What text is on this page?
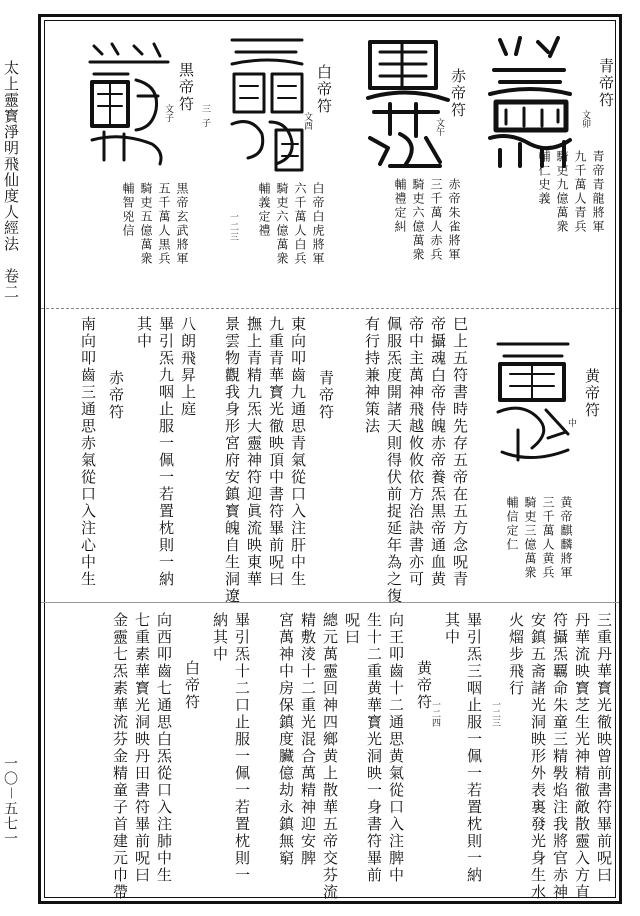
太上靈寳淨明飛仙度人經法　卷二
一〇－五七一
青帝符
文卯
赤帝符
文午
白帝符
文酉
黒帝符
文子	三
子
一
二
三
青帝青龍將軍
九千萬人青兵
騎吏九億萬衆
輔仁史義
赤帝朱雀將軍
三千萬人赤兵
騎吏六億萬衆
輔禮定糾
白帝白虎將軍
六千萬人白兵
騎吏六億萬衆
輔義定禮
黒帝玄武將軍
五千萬人黒兵
騎吏五億萬衆
輔智兇信
黄帝符
中
黄帝麒麟將軍
三千萬人黄兵
騎吏三億萬衆
輔信定仁
巳上五符書時先存五帝在五方念呪青
帝攝魂白帝侍魄赤帝養炁黒帝通血黄
帝中主萬神飛越攸攸依方治訣書亦可
佩服炁度開諸天則得伏前捉延年為之復
有行持兼神策法
青帝符
東向叩齒九通思青氣從口入注肝中生
九重青華寳光徹映頂中書符畢前呪曰
撫上青精九炁大靈神符迎眞流映東華
景雲物觀我身形宮府安鎮寳魄自生洞遼
八朗飛昇上庭
畢引炁九咽止服一佩一若置枕則一納
其中
赤帝符
南向叩齒三通思赤氣從口入注心中生
三重丹華寳光徹映曾前書符畢前呪曰
丹華流映寳芝生光神精徹敵散靈入方直
符攝炁覊命朱童三精斅焰注我將官赤神
安鎮五斋諸光洞映形外表裏發光身生水
火熘步飛行
畢引炁三咽止服一佩一若置枕則一納
其中
黄帝符
向王叩齒十二通思黄氣從口入注脾中
生十二重黄華寳光洞映一身書符畢前
呪曰
總元萬靈回神四鄉黄上散華五帝交芬流
精敷淩十二重光混合萬精神迎安脾
宮萬神中房保鎮度臟億劫永鎮無窮
畢引炁十二口止服一佩一若置枕則一
納其中
白帝符
向西叩齒七通思白炁從口入注肺中生
七重素華寳光洞映丹田書符畢前呪曰
金靈七炁素華流芬金精童子首建元巾帶	一二三
一二四
